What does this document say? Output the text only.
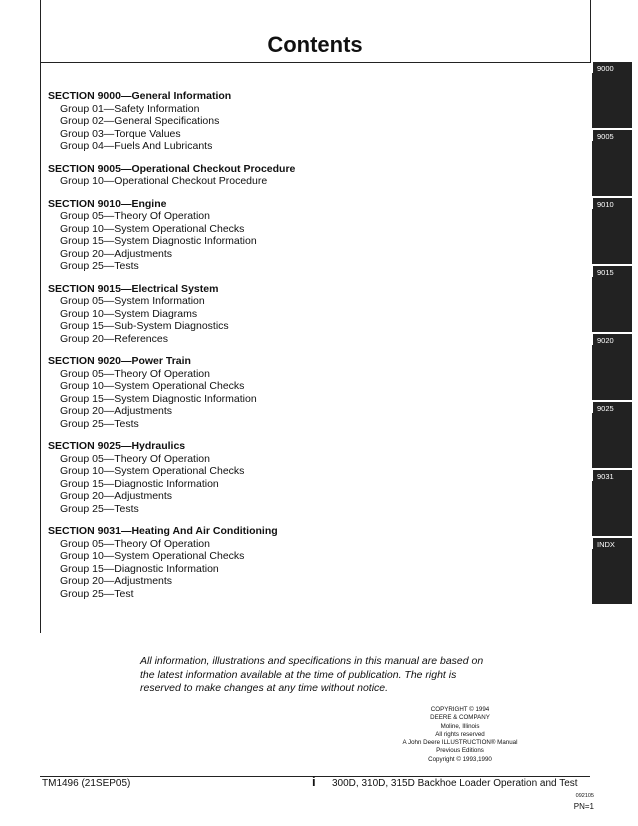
Contents
SECTION 9000—General Information
Group 01—Safety Information
Group 02—General Specifications
Group 03—Torque Values
Group 04—Fuels And Lubricants
SECTION 9005—Operational Checkout Procedure
Group 10—Operational Checkout Procedure
SECTION 9010—Engine
Group 05—Theory Of Operation
Group 10—System Operational Checks
Group 15—System Diagnostic Information
Group 20—Adjustments
Group 25—Tests
SECTION 9015—Electrical System
Group 05—System Information
Group 10—System Diagrams
Group 15—Sub-System Diagnostics
Group 20—References
SECTION 9020—Power Train
Group 05—Theory Of Operation
Group 10—System Operational Checks
Group 15—System Diagnostic Information
Group 20—Adjustments
Group 25—Tests
SECTION 9025—Hydraulics
Group 05—Theory Of Operation
Group 10—System Operational Checks
Group 15—Diagnostic Information
Group 20—Adjustments
Group 25—Tests
SECTION 9031—Heating And Air Conditioning
Group 05—Theory Of Operation
Group 10—System Operational Checks
Group 15—Diagnostic Information
Group 20—Adjustments
Group 25—Test
9000
9005
9010
9015
9020
9025
9031
INDX
All information, illustrations and specifications in this manual are based on
the latest information available at the time of publication. The right is
reserved to make changes at any time without notice.
COPYRIGHT © 1994
DEERE & COMPANY
Moline, Illinois
All rights reserved
A John Deere ILLUSTRUCTION® Manual
Previous Editions
Copyright © 1993,1990
TM1496 (21SEP05)	i 300D, 310D, 315D Backhoe Loader Operation and Test
092105
PN=1
